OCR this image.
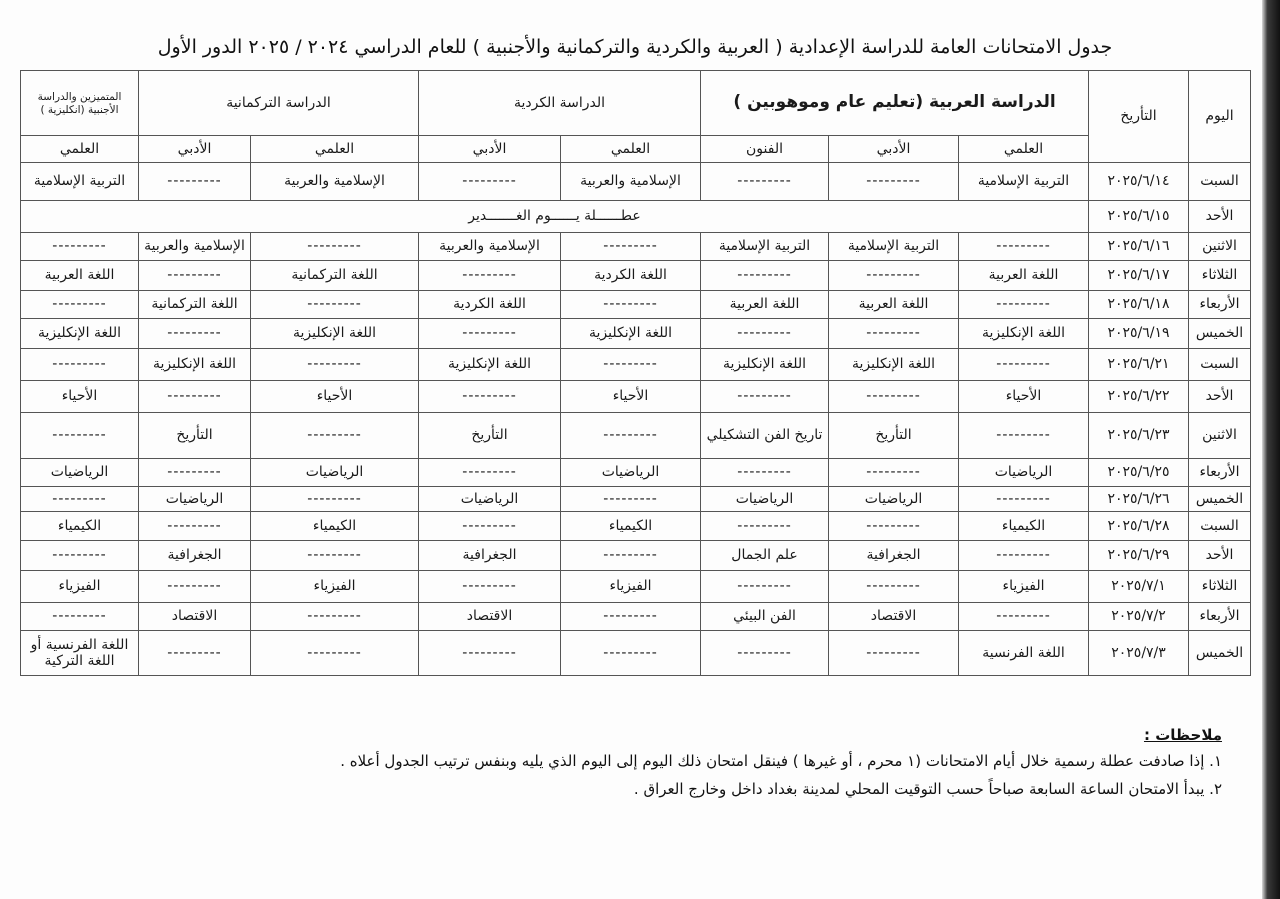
جدول الامتحانات العامة للدراسة الإعدادية ( العربية والكردية والتركمانية والأجنبية ) للعام الدراسي ٢٠٢٤ / ٢٠٢٥ الدور الأول
اليوم	التأريخ	الدراسة العربية (تعليم عام وموهوبين )			الدراسة الكردية		الدراسة التركمانية		المتميزين والدراسة الأجنبية (انكليزية )
		العلمي	الأدبي	الفنون	العلمي	الأدبي	العلمي	الأدبي	العلمي
السبت	٢٠٢٥/٦/١٤	التربية الإسلامية	---------	---------	الإسلامية والعربية	---------	الإسلامية والعربية	---------	التربية الإسلامية
الأحد	٢٠٢٥/٦/١٥	عطــــــلة يــــــوم الغـــــــدير							
الاثنين	٢٠٢٥/٦/١٦	---------	التربية الإسلامية	التربية الإسلامية	---------	الإسلامية والعربية	---------	الإسلامية والعربية	---------
الثلاثاء	٢٠٢٥/٦/١٧	اللغة العربية	---------	---------	اللغة الكردية	---------	اللغة التركمانية	---------	اللغة العربية
الأربعاء	٢٠٢٥/٦/١٨	---------	اللغة العربية	اللغة العربية	---------	اللغة الكردية	---------	اللغة التركمانية	---------
الخميس	٢٠٢٥/٦/١٩	اللغة الإنكليزية	---------	---------	اللغة الإنكليزية	---------	اللغة الإنكليزية	---------	اللغة الإنكليزية
السبت	٢٠٢٥/٦/٢١	---------	اللغة الإنكليزية	اللغة الإنكليزية	---------	اللغة الإنكليزية	---------	اللغة الإنكليزية	---------
الأحد	٢٠٢٥/٦/٢٢	الأحياء	---------	---------	الأحياء	---------	الأحياء	---------	الأحياء
الاثنين	٢٠٢٥/٦/٢٣	---------	التأريخ	تاريخ الفن التشكيلي	---------	التأريخ	---------	التأريخ	---------
الأربعاء	٢٠٢٥/٦/٢٥	الرياضيات	---------	---------	الرياضيات	---------	الرياضيات	---------	الرياضيات
الخميس	٢٠٢٥/٦/٢٦	---------	الرياضيات	الرياضيات	---------	الرياضيات	---------	الرياضيات	---------
السبت	٢٠٢٥/٦/٢٨	الكيمياء	---------	---------	الكيمياء	---------	الكيمياء	---------	الكيمياء
الأحد	٢٠٢٥/٦/٢٩	---------	الجغرافية	علم الجمال	---------	الجغرافية	---------	الجغرافية	---------
الثلاثاء	٢٠٢٥/٧/١	الفيزياء	---------	---------	الفيزياء	---------	الفيزياء	---------	الفيزياء
الأربعاء	٢٠٢٥/٧/٢	---------	الاقتصاد	الفن البيئي	---------	الاقتصاد	---------	الاقتصاد	---------
الخميس	٢٠٢٥/٧/٣	اللغة الفرنسية	---------	---------	---------	---------	---------	---------	اللغة الفرنسية أو اللغة التركية
ملاحظات :
١. إذا صادفت عطلة رسمية خلال أيام الامتحانات (١ محرم ، أو غيرها ) فينقل امتحان ذلك اليوم إلى اليوم الذي يليه وبنفس ترتيب الجدول أعلاه .
٢. يبدأ الامتحان الساعة السابعة صباحاً حسب التوقيت المحلي لمدينة بغداد داخل وخارج العراق .
